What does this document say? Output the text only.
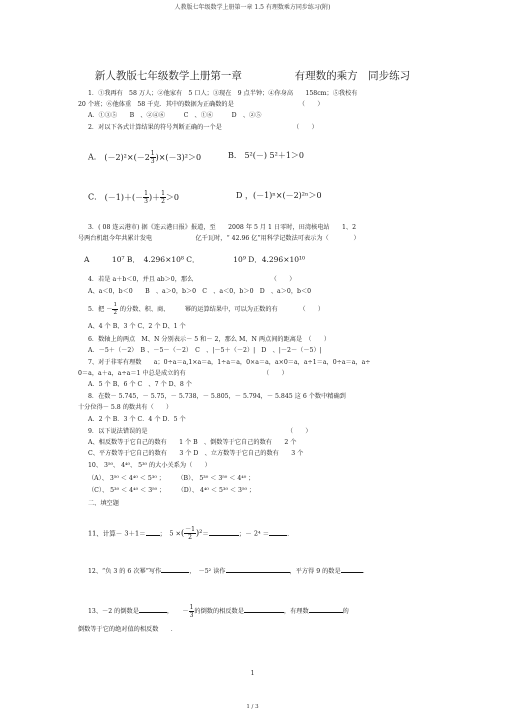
人教版七年级数学上册第一章 1.5 有理数乘方同步练习(附)
新人教版七年级数学上册第一章	有理数的乘方　同步练习
1．①我再有　58 万人；②他家有　5 口人；③现在　9 点半钟；④你身高　　158cm；⑤我校有
20 个班；⑥他体重　58 千克．其中的数据为正确数的是　　　　　　　　　　　（　　）
A．①③⑤　　B　、②④⑥　　　C　、①⑥　　　D　、②⑤
2．对以下各式计算结果的符号判断正确的一个是　　　　　　　　　　　　（　　）
A． $(-2)^2\times(-2 \frac{1}{3} )\times(-3)^2>0$	B． 5²(－) 5²＋1＞0
C． $(-1)+(- \frac{1}{3}$ )＋ $\frac{1}{2} >0$	D ，(－1)ⁿ×(－2)²ⁿ＞0
3．( 08 连云港市) 据《连云港日报》报道，至　　2008 年 5 月 1 日零时，田湾核电站　　1、2
号两台机组今年共累计发电　　　　　　　亿千瓦时，“ 42.96 亿”用科学记数法可表示为（　　　　）
A　　　10⁷ B．　4.296×10⁸ C．　　　　　10⁹ D．4.296×10¹⁰
4．若是 a＋b＜0，并且 ab＞0，那么　　　　　　　　　　　　　（　　）
A、a＜0，b＜0　　B　、a＞0，b＞0　C　、a＜0，b＞0　D　、a＞0，b＜0
5．把 － $\frac{1}{2}$ 的分数、积、商、　　　幂的运算结果中，可以为正数的有　　　　（　　）
A、4 个 B、3 个 C、2 个 D、1 个
6．数轴上的两点　M、N 分别表示－ 5 和－ 2，那么 M、N 两点间的距离是　（　　）
A．－5＋（－2）　B 、－5－（－2）　C　、|－5＋（－2）|　D　、|－2－（－5）|
7、对于非零有理数　　a；0÷a＝a,1×a＝a，1÷a＝a，0×a＝a，a×0＝a，a÷1＝a，0÷a＝a，a÷
0＝a，a＋a，a÷a＝1 中总是成立的有　　　　　　　　　　　　　（　　）
A．5 个 B、6 个 C　、7 个 D、8 个
8．在数－ 5.745，－ 5.75，－ 5.738，－ 5.805，－ 5.794，－ 5.845 这 6 个数中精确到
十分位得－ 5.8 的数共有（　　）
A．2 个 B．3 个 C．4 个 D．5 个
9．以下说法错误的是　　　　　　　　　　　　　　　　　　　　　　　（　　）
A、相反数等于它自己的数有　　1 个 B　、倒数等于它自己的数有　　2 个
C、平方数等于它自己的数有　　3 个 D　、立方数等于它自己的数有　　3 个
10、 3⁵⁰、 4⁴⁰、 5³⁰ 的大小关系为（　　）
（A）、 3⁵⁰ ＜ 4⁴⁰ ＜ 5³⁰ ；　　　（B）、 5³⁰ ＜ 3⁵⁰ ＜ 4⁴⁰ ；
（C）、 5³⁰ ＜ 4⁴⁰ ＜ 3⁵⁰ ；　　　（D）、 4⁴⁰ ＜ 5³⁰ ＜ 3⁵⁰ ；
二、填空题
11、计算－ 3＋1＝ ；　5 ×( $\frac{-1}{2} )^2=$	；－ 2⁴ ＝	．
12、“负 3 的 6 次幂”写作	，　－5² 读作	，平方得 9 的数是	．
13、－2 的倒数是	，　　 － $\frac{1}{3}$ 的倒数的相反数是	，有理数	的
倒数等于它的绝对值的相反数　　．
1
1 / 3
